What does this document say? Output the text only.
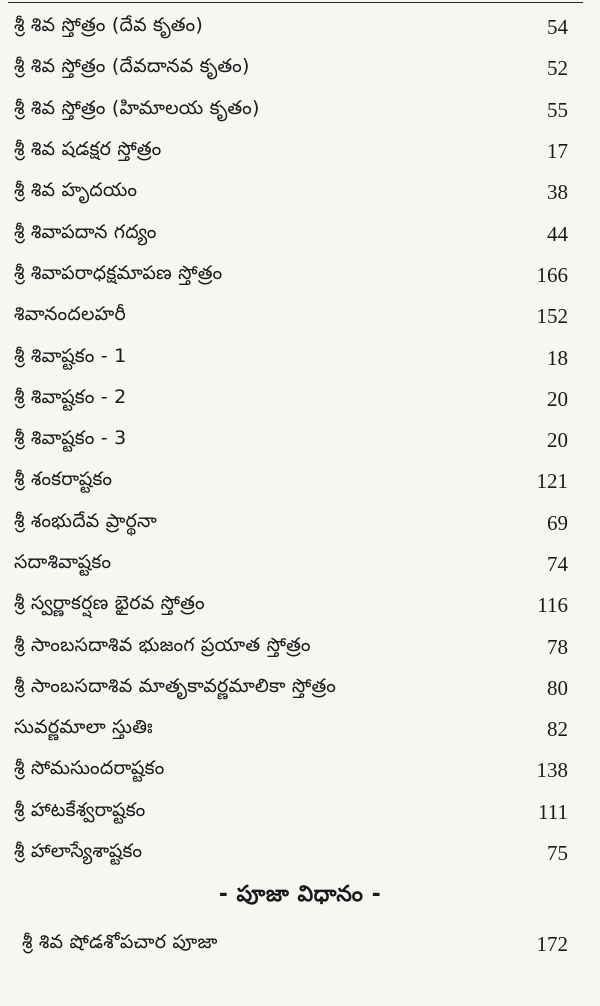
శ్రీ శివ స్తోత్రం (దేవ కృతం)	54
శ్రీ శివ స్తోత్రం (దేవదానవ కృతం)	52
శ్రీ శివ స్తోత్రం (హిమాలయ కృతం)	55
శ్రీ శివ షడక్షర స్తోత్రం	17
శ్రీ శివ హృదయం	38
శ్రీ శివాపదాన గద్యం	44
శ్రీ శివాపరాధక్షమాపణ స్తోత్రం	166
శివానందలహరీ	152
శ్రీ శివాష్టకం - 1	18
శ్రీ శివాష్టకం - 2	20
శ్రీ శివాష్టకం - 3	20
శ్రీ శంకరాష్టకం	121
శ్రీ శంభుదేవ ప్రార్థనా	69
సదాశివాష్టకం	74
శ్రీ స్వర్ణాకర్షణ భైరవ స్తోత్రం	116
శ్రీ సాంబసదాశివ భుజంగ ప్రయాత స్తోత్రం	78
శ్రీ సాంబసదాశివ మాతృకావర్ణమాలికా స్తోత్రం	80
సువర్ణమాలా స్తుతిః	82
శ్రీ సోమసుందరాష్టకం	138
శ్రీ హాటకేశ్వరాష్టకం	111
శ్రీ హాలాస్యేశాష్టకం	75
- పూజా విధానం -
శ్రీ శివ షోడశోపచార పూజా	172
